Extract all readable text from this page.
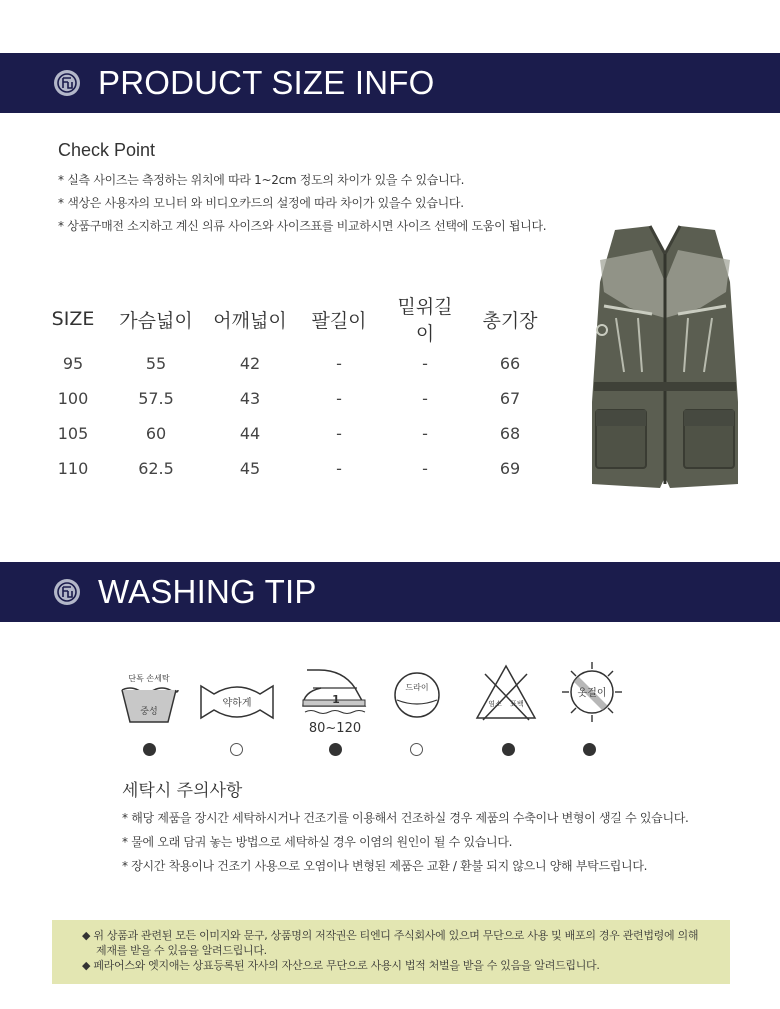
PRODUCT SIZE INFO
Check Point
* 실측 사이즈는 측정하는 위치에 따라 1~2cm 정도의 차이가 있을 수 있습니다.
* 색상은 사용자의 모니터 와 비디오카드의 설정에 따라 차이가 있을수 있습니다.
* 상품구매전 소지하고 계신 의류 사이즈와 사이즈표를 비교하시면 사이즈 선택에 도움이 됩니다.
SIZE	가슴넓이	어깨넓이	팔길이	밑위길이	총기장
95	55	42	-	-	66
100	57.5	43	-	-	67
105	60	44	-	-	68
110	62.5	45	-	-	69
WASHING TIP
단독 손세탁
중성
약하게	1
80~120
드라이
염소 표백
옷걸이
세탁시 주의사항
* 해당 제품을 장시간 세탁하시거나 건조기를 이용해서 건조하실 경우 제품의 수축이나 변형이 생길 수 있습니다.
* 물에 오래 담궈 놓는 방법으로 세탁하실 경우 이염의 원인이 될 수 있습니다.
* 장시간 착용이나 건조기 사용으로 오염이나 변형된 제품은 교환 / 환불 되지 않으니 양해 부탁드립니다.
◆ 위 상품과 관련된 모든 이미지와 문구, 상품명의 저작권은 티엔디 주식회사에 있으며 무단으로 사용 및 배포의 경우 관련법령에 의해
제재를 받을 수 있음을 알려드립니다.
◆ 페라어스와 엣지애는 상표등록된 자사의 자산으로 무단으로 사용시 법적 처벌을 받을 수 있음을 알려드립니다.
